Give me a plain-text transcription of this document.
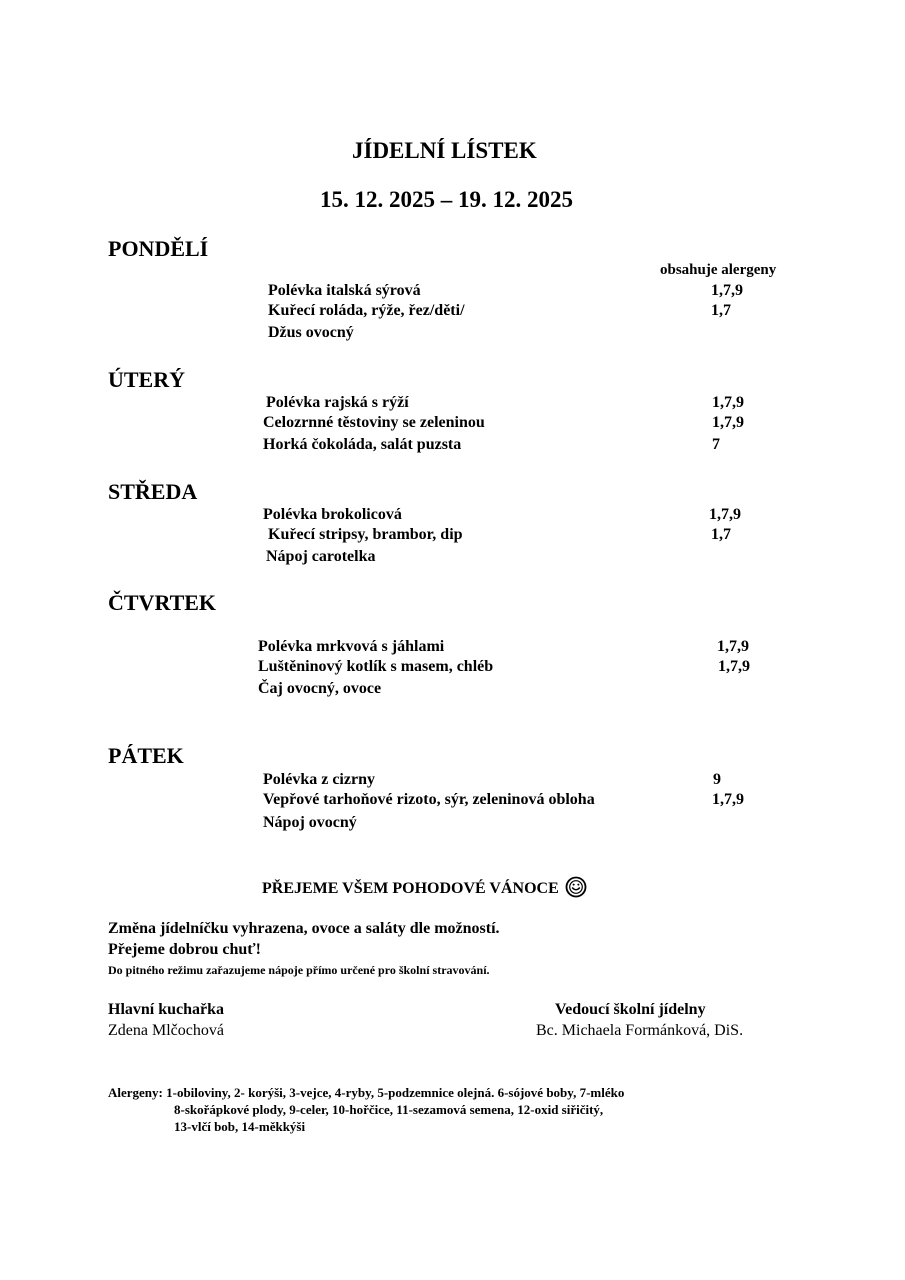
JÍDELNÍ LÍSTEK
15. 12. 2025 – 19. 12. 2025
PONDĚLÍ
obsahuje alergeny
Polévka italská sýrová	1,7,9
Kuřecí roláda, rýže, řez/děti/	1,7
Džus ovocný
ÚTERÝ
Polévka rajská s rýží	1,7,9
Celozrnné těstoviny se zeleninou	1,7,9
Horká čokoláda, salát puzsta	7
STŘEDA
Polévka brokolicová	1,7,9
Kuřecí stripsy, brambor, dip	1,7
Nápoj carotelka
ČTVRTEK
Polévka mrkvová s jáhlami	1,7,9
Luštěninový kotlík s masem, chléb	1,7,9
Čaj ovocný, ovoce
PÁTEK
Polévka z cizrny	9
Vepřové tarhoňové rizoto, sýr, zeleninová obloha	1,7,9
Nápoj ovocný
PŘEJEME VŠEM POHODOVÉ VÁNOCE
Změna jídelníčku vyhrazena, ovoce a saláty dle možností.
Přejeme dobrou chuť!
Do pitného režimu zařazujeme nápoje přímo určené pro školní stravování.
Hlavní kuchařka
Zdena Mlčochová
Vedoucí školní jídelny
Bc. Michaela Formánková, DiS.
Alergeny: 1-obiloviny, 2- korýši, 3-vejce, 4-ryby, 5-podzemnice olejná. 6-sójové boby, 7-mléko
8-skořápkové plody, 9-celer, 10-hořčice, 11-sezamová semena, 12-oxid siřičitý,
13-vlčí bob, 14-měkkýši
